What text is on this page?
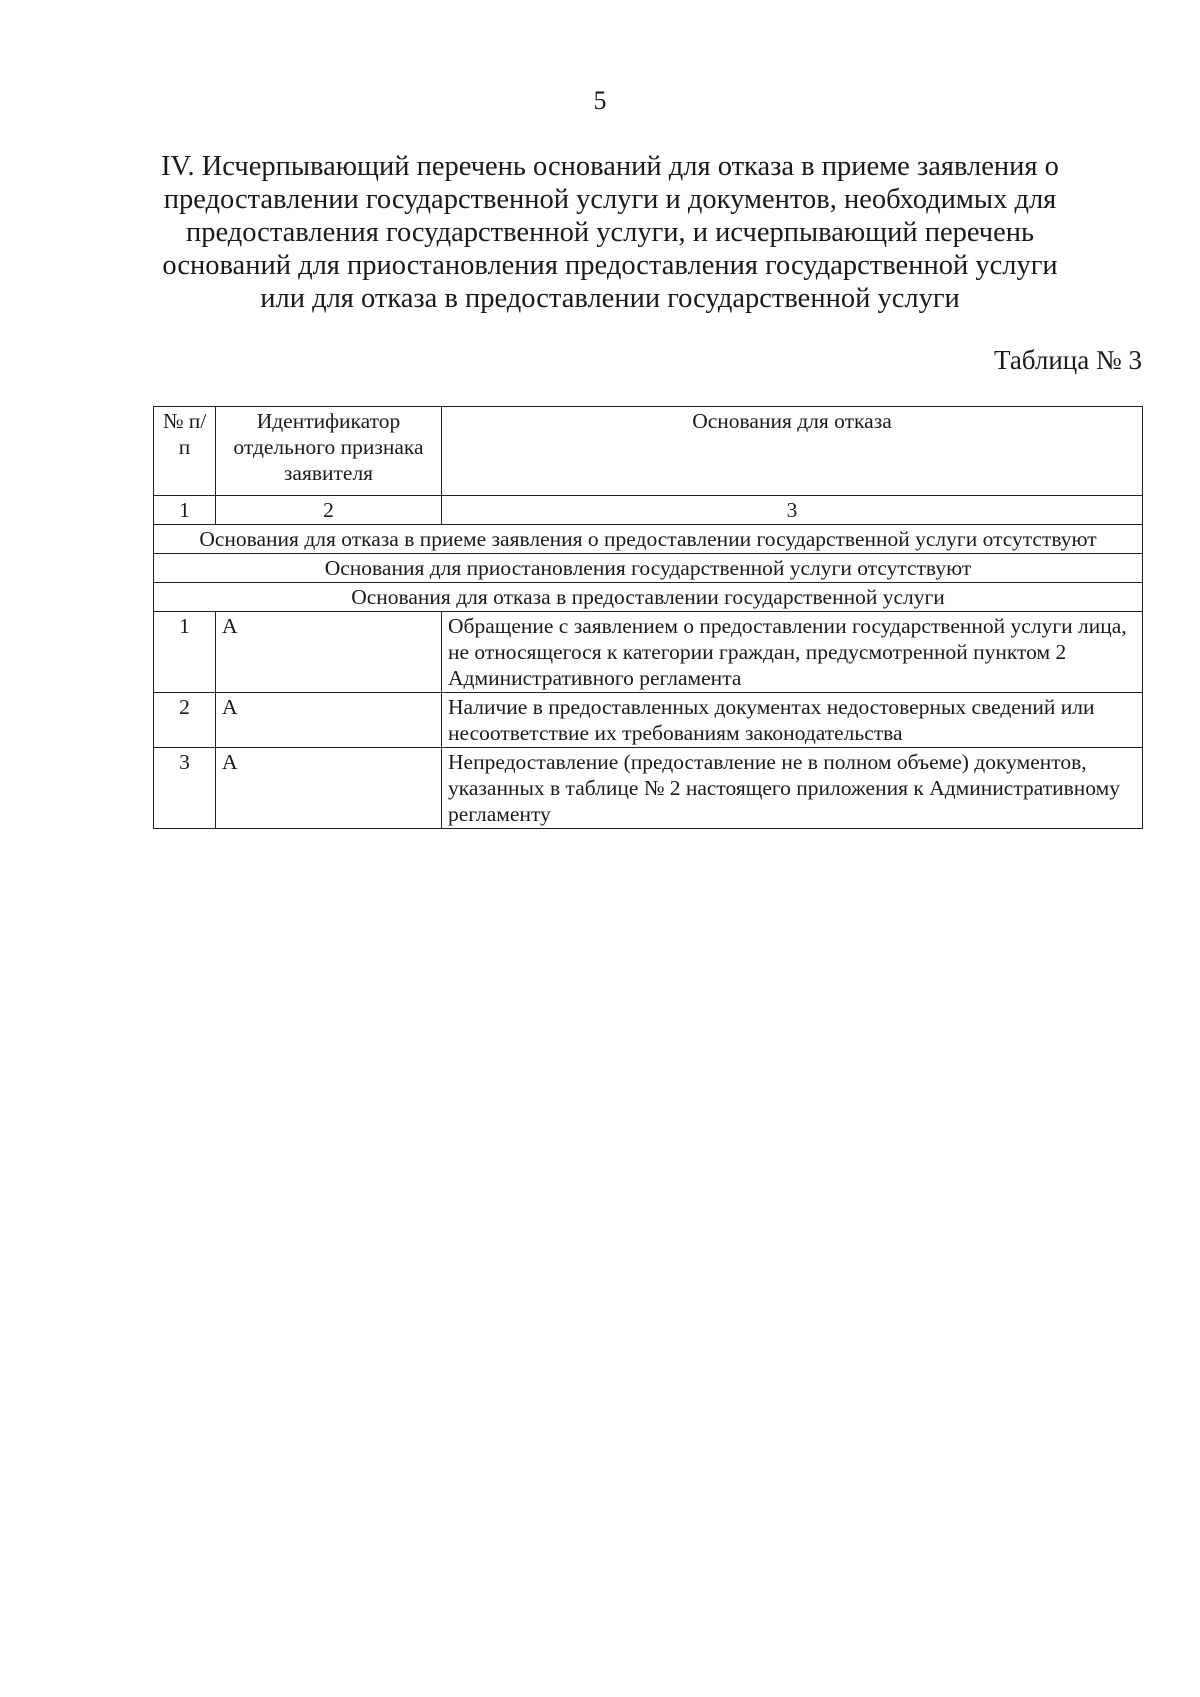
5
IV. Исчерпывающий перечень оснований для отказа в приеме заявления о предоставлении государственной услуги и документов, необходимых для предоставления государственной услуги, и исчерпывающий перечень оснований для приостановления предоставления государственной услуги или для отказа в предоставлении государственной услуги
Таблица № 3
№ п/п	Идентификатор отдельного признака заявителя	Основания для отказа
1	2	3
Основания для отказа в приеме заявления о предоставлении государственной услуги отсутствуют		
Основания для приостановления государственной услуги отсутствуют		
Основания для отказа в предоставлении государственной услуги		
1	А	Обращение с заявлением о предоставлении государственной услуги лица, не относящегося к категории граждан, предусмотренной пунктом 2 Административного регламента
2	А	Наличие в предоставленных документах недостоверных сведений или несоответствие их требованиям законодательства
3	А	Непредоставление (предоставление не в полном объеме) документов, указанных в таблице № 2 настоящего приложения к Административному регламенту
